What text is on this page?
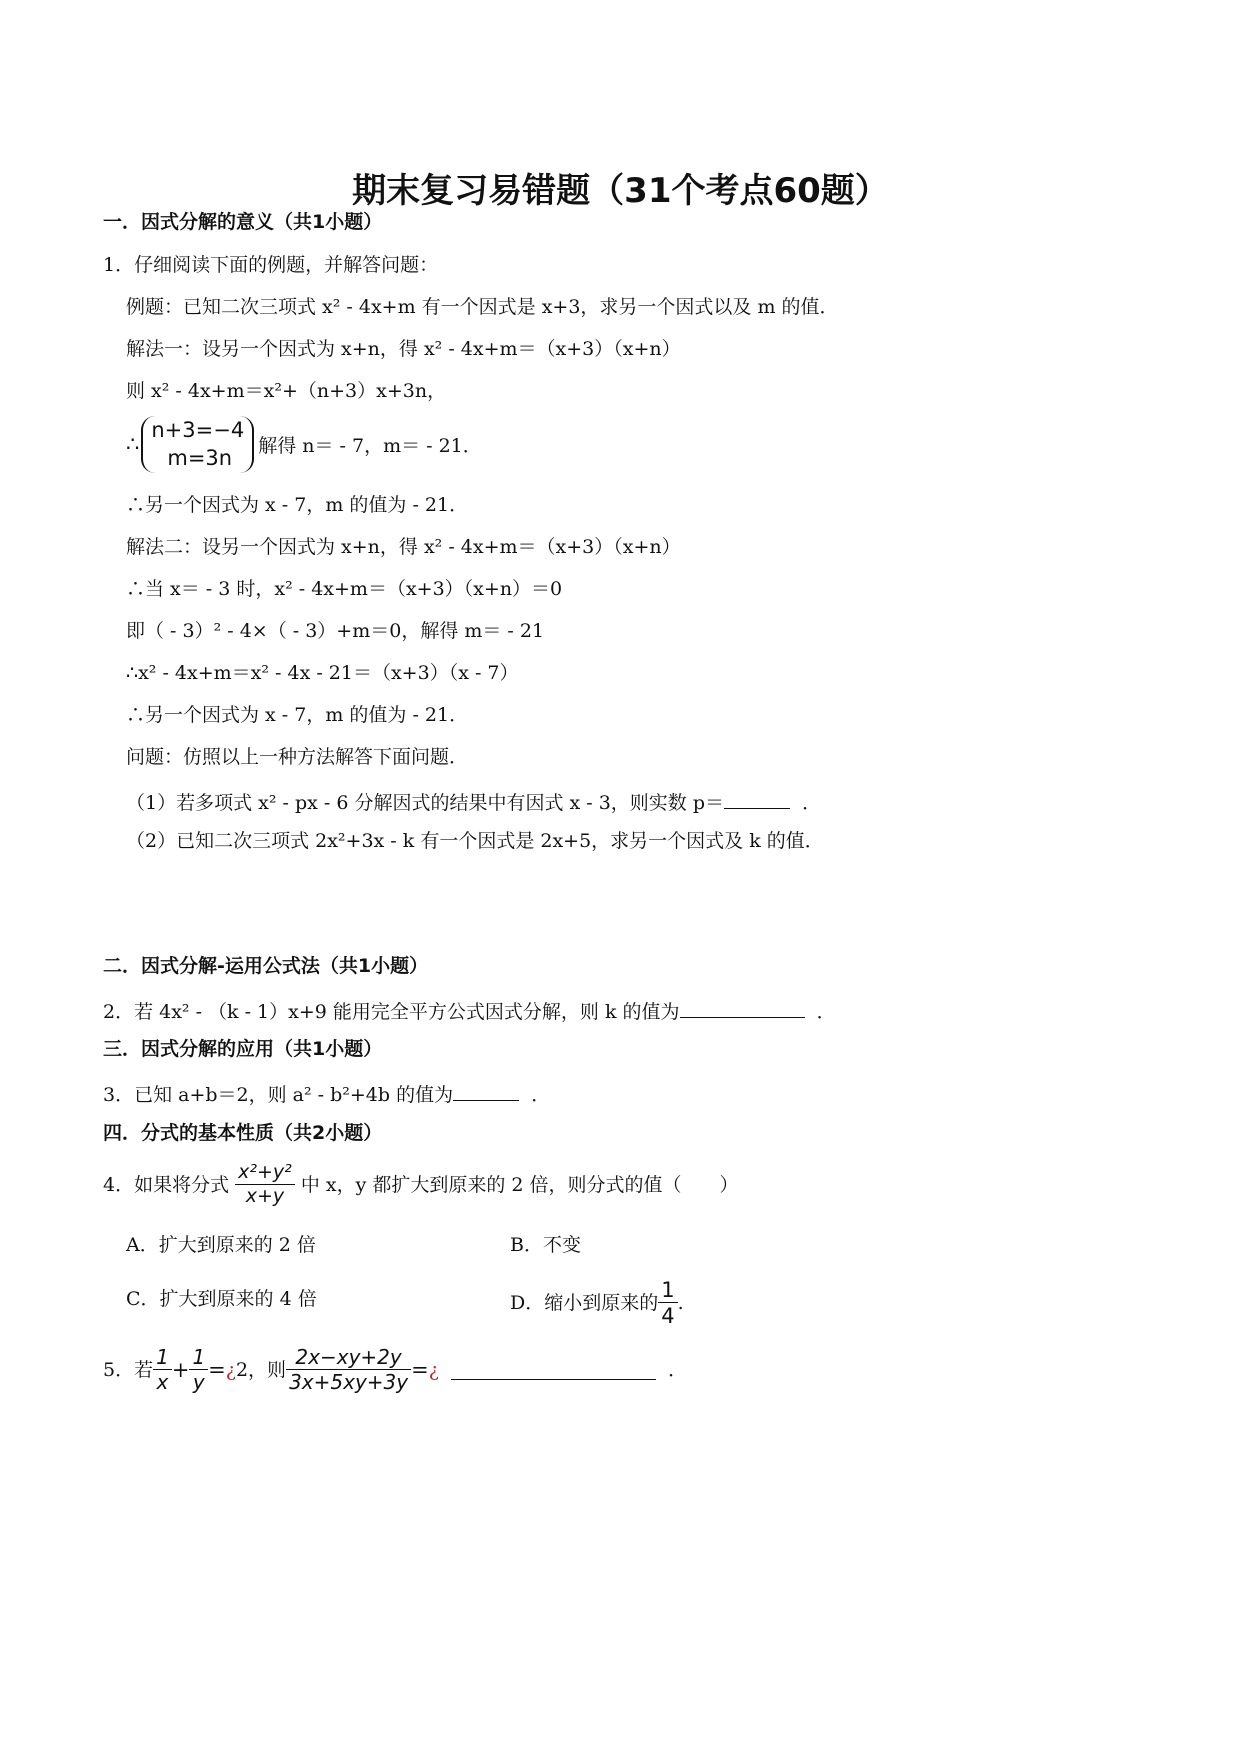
期末复习易错题（31个考点60题）
一．因式分解的意义（共1小题）
1．仔细阅读下面的例题，并解答问题：
例题：已知二次三项式 x² - 4x+m 有一个因式是 x+3，求另一个因式以及 m 的值．
解法一：设另一个因式为 x+n，得 x² - 4x+m＝（x+3）（x+n）
则 x² - 4x+m＝x²+（n+3）x+3n，
∴
n+3=−4
m=3n
解得 n＝ - 7，m＝ - 21．
∴另一个因式为 x - 7，m 的值为 - 21．
解法二：设另一个因式为 x+n，得 x² - 4x+m＝（x+3）（x+n）
∴当 x＝ - 3 时，x² - 4x+m＝（x+3）（x+n）＝0
即（ - 3）² - 4×（ - 3）+m＝0，解得 m＝ - 21
∴x² - 4x+m＝x² - 4x - 21＝（x+3）（x - 7）
∴另一个因式为 x - 7，m 的值为 - 21．
问题：仿照以上一种方法解答下面问题．
（1）若多项式 x² - px - 6 分解因式的结果中有因式 x - 3，则实数 p＝	．
（2）已知二次三项式 2x²+3x - k 有一个因式是 2x+5，求另一个因式及 k 的值．
二．因式分解-运用公式法（共1小题）
2．若 4x² - （k - 1）x+9 能用完全平方公式因式分解，则 k 的值为	．
三．因式分解的应用（共1小题）
3．已知 a+b＝2，则 a² - b²+4b 的值为	．
四．分式的基本性质（共2小题）
4．如果将分式 $\frac{\text{x²+y²}}{x+y}$ 中 x，y 都扩大到原来的 2 倍，则分式的值（　　）
A．扩大到原来的 2 倍	B．不变
C．扩大到原来的 4 倍	D．缩小到原来的 $\frac{1}{4}$ .
5．若 $\frac{1}{x} + \frac{1}{y}$ =¿2，则 $\frac{2x-xy+2y}{3x+5xy+3y}$ =¿	．
